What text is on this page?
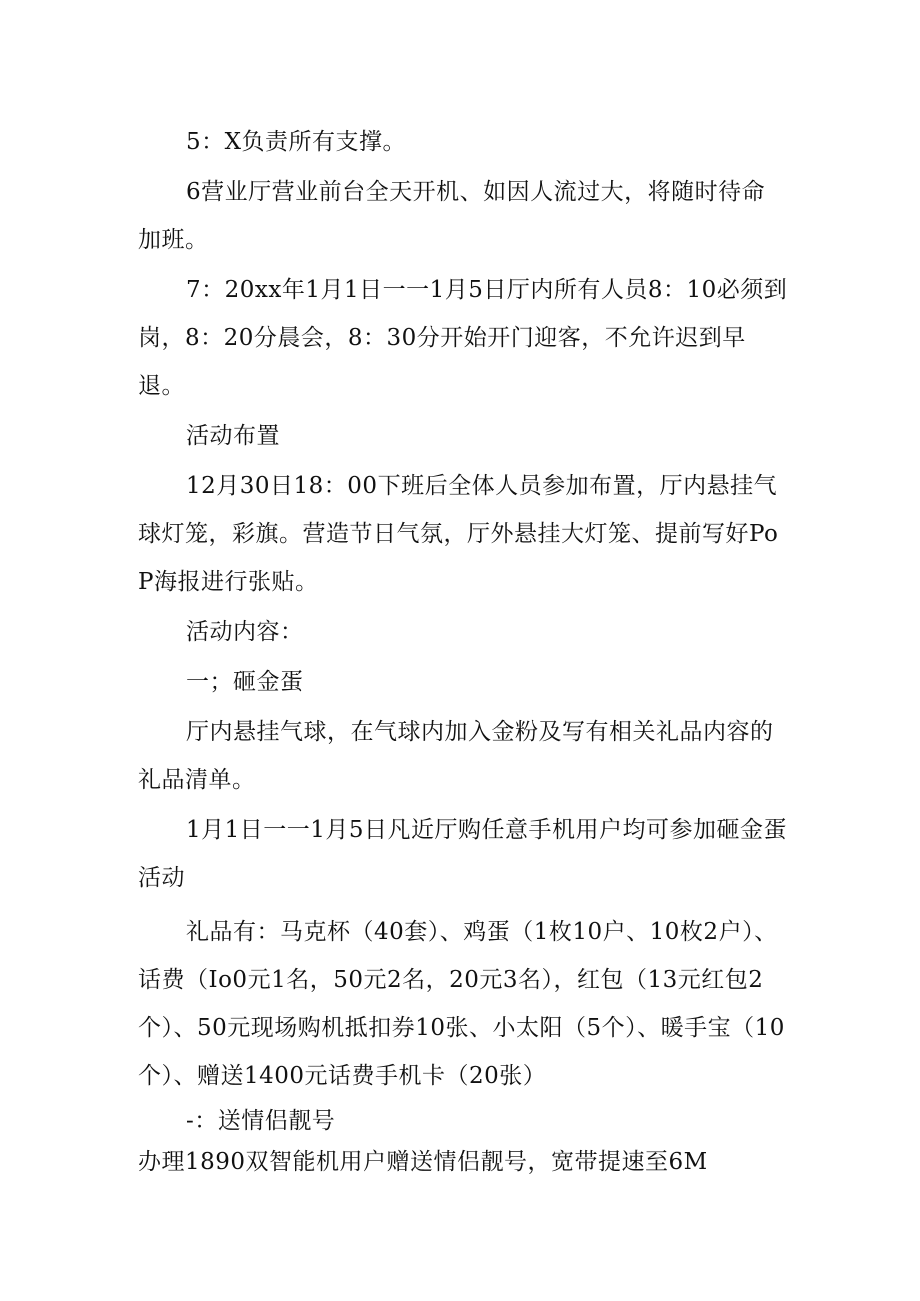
5：X负责所有支撑。

6营业厅营业前台全天开机、如因人流过大，将随时待命加班。

7：20xx年1月1日一一1月5日厅内所有人员8：10必须到岗，8：20分晨会，8：30分开始开门迎客，不允许迟到早退。

活动布置

12月30日18：00下班后全体人员参加布置，厅内悬挂气球灯笼，彩旗。营造节日气氛，厅外悬挂大灯笼、提前写好PoP海报进行张贴。

活动内容：

一；砸金蛋

厅内悬挂气球，在气球内加入金粉及写有相关礼品内容的礼品清单。

1月1日一一1月5日凡近厅购任意手机用户均可参加砸金蛋活动

礼品有：马克杯（40套）、鸡蛋（1枚10户、10枚2户）、话费（Io0元1名，50元2名，20元3名），红包（13元红包2个）、50元现场购机抵扣券10张、小太阳（5个）、暖手宝（10个）、赠送1400元话费手机卡（20张）

-：送情侣靓号

办理1890双智能机用户赠送情侣靓号，宽带提速至6M
